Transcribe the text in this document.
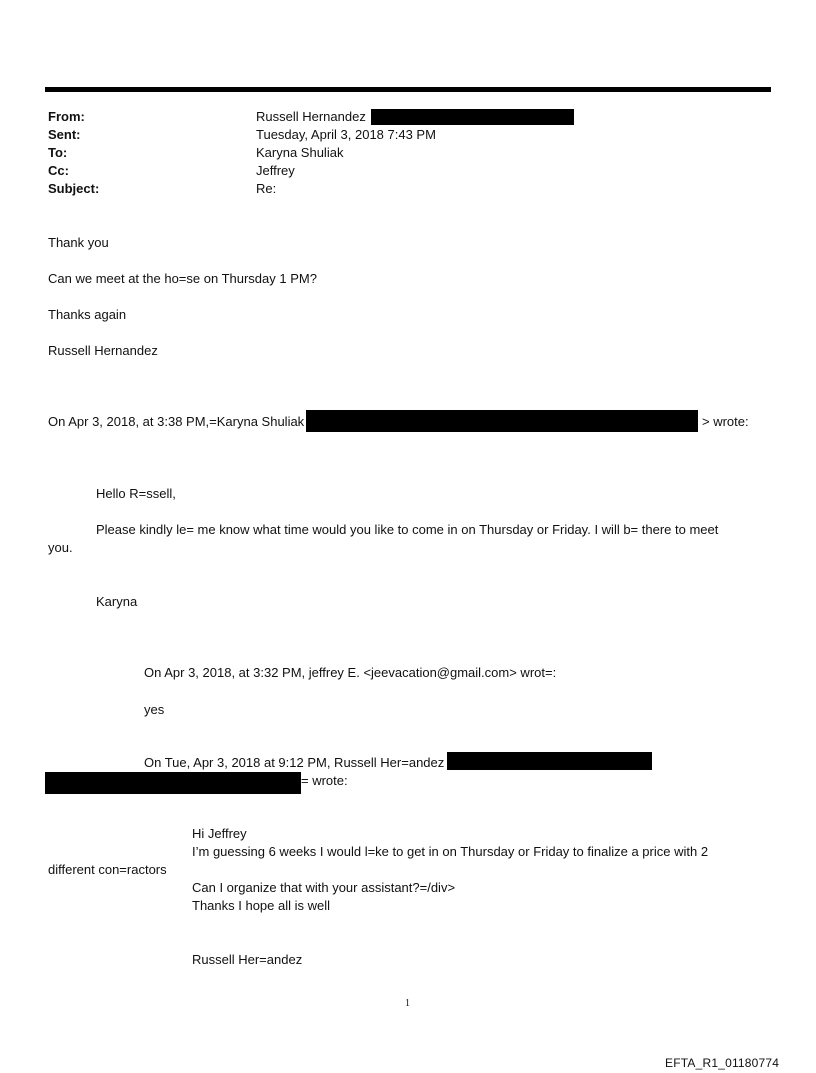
From:	Russell Hernandez
Sent:	Tuesday, April 3, 2018 7:43 PM
To:	Karyna Shuliak
Cc:	Jeffrey
Subject:	Re:
Thank you
Can we meet at the ho=se on Thursday 1 PM?
Thanks again
Russell Hernandez
On Apr 3, 2018, at 3:38 PM,=Karyna Shuliak	> wrote:
Hello R=ssell,
Please kindly le= me know what time would you like to come in on Thursday or Friday. I will b= there to meet
you.
Karyna
On Apr 3, 2018, at 3:32 PM, jeffrey E. <jeevacation@gmail.com> wrot=:
yes
On Tue, Apr 3, 2018 at 9:12 PM, Russell Her=andez
= wrote:
Hi Jeffrey
I’m guessing 6 weeks I would l=ke to get in on Thursday or Friday to finalize a price with 2
different con=ractors
Can I organize that with your assistant?=/div>
Thanks I hope all is well
Russell Her=andez
1
EFTA_R1_01180774
